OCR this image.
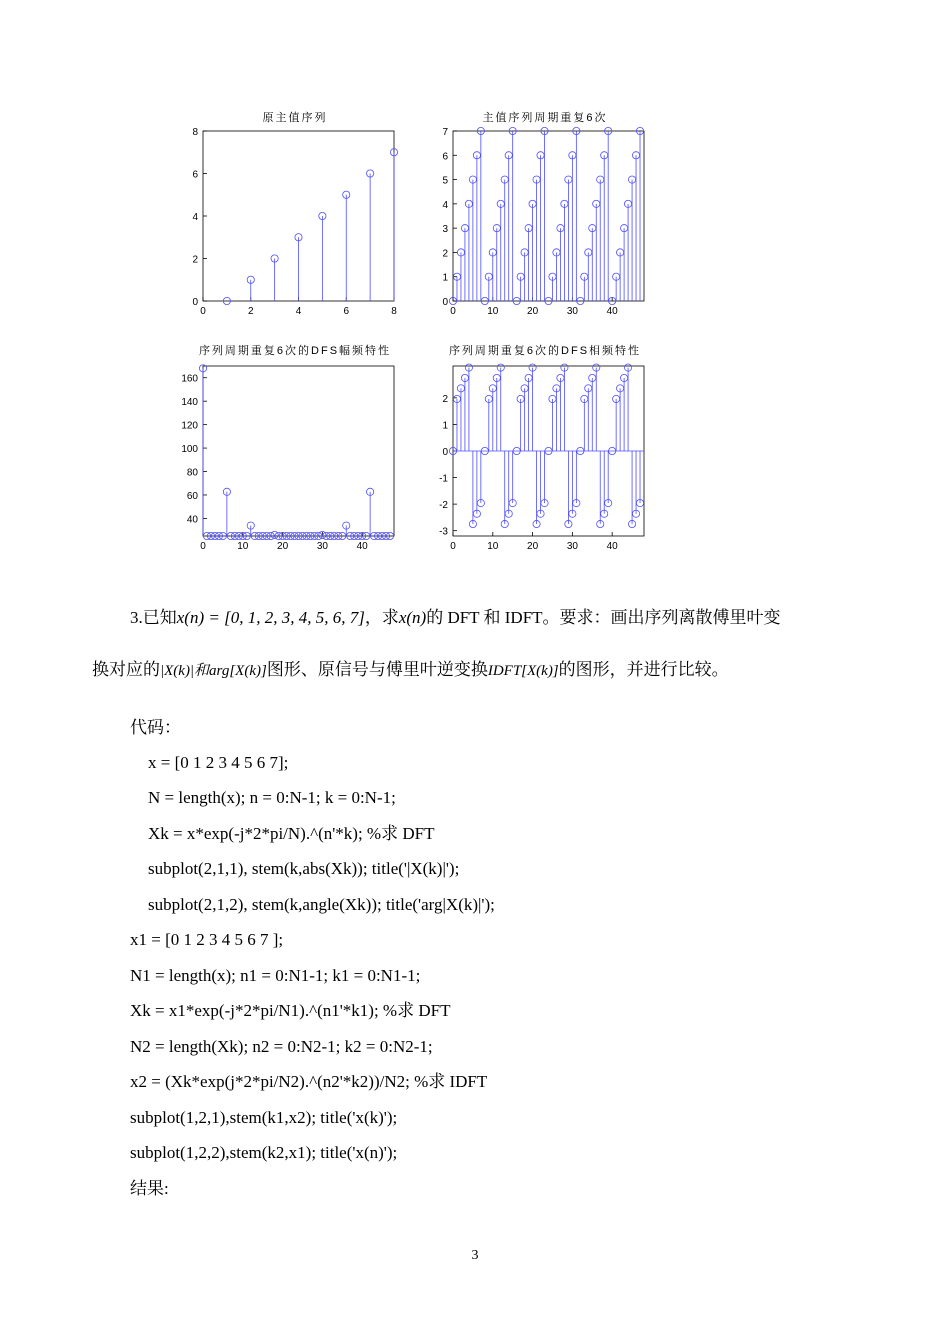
原主值序列
0	2	4	6	8
0
2
4
6
8
主值序列周期重复6次
0	10	20	30	40
0
1
2
3
4
5
6
7
序列周期重复6次的DFS幅频特性
0	10	20	30	40
40
60
80
100
120
140
160
序列周期重复6次的DFS相频特性
0	10	20	30	40
-3
-2
-1
0
1
2
3.已知x(n) = [0, 1, 2, 3, 4, 5, 6, 7]，求x(n)的 DFT 和 IDFT。要求：画出序列离散傅里叶变
换对应的|X(k)|和arg[X(k)]图形、原信号与傅里叶逆变换IDFT[X(k)]的图形，并进行比较。
代码：
x = [0 1 2 3 4 5 6 7];
N = length(x); n = 0:N-1; k = 0:N-1;
Xk = x*exp(-j*2*pi/N).^(n'*k); %求 DFT
subplot(2,1,1), stem(k,abs(Xk)); title('|X(k)|');
subplot(2,1,2), stem(k,angle(Xk)); title('arg|X(k)|');
x1 = [0 1 2 3 4 5 6 7 ];
N1 = length(x); n1 = 0:N1-1; k1 = 0:N1-1;
Xk = x1*exp(-j*2*pi/N1).^(n1'*k1); %求 DFT
N2 = length(Xk); n2 = 0:N2-1; k2 = 0:N2-1;
x2 = (Xk*exp(j*2*pi/N2).^(n2'*k2))/N2; %求 IDFT
subplot(1,2,1),stem(k1,x2); title('x(k)');
subplot(1,2,2),stem(k2,x1); title('x(n)');
结果:
3
